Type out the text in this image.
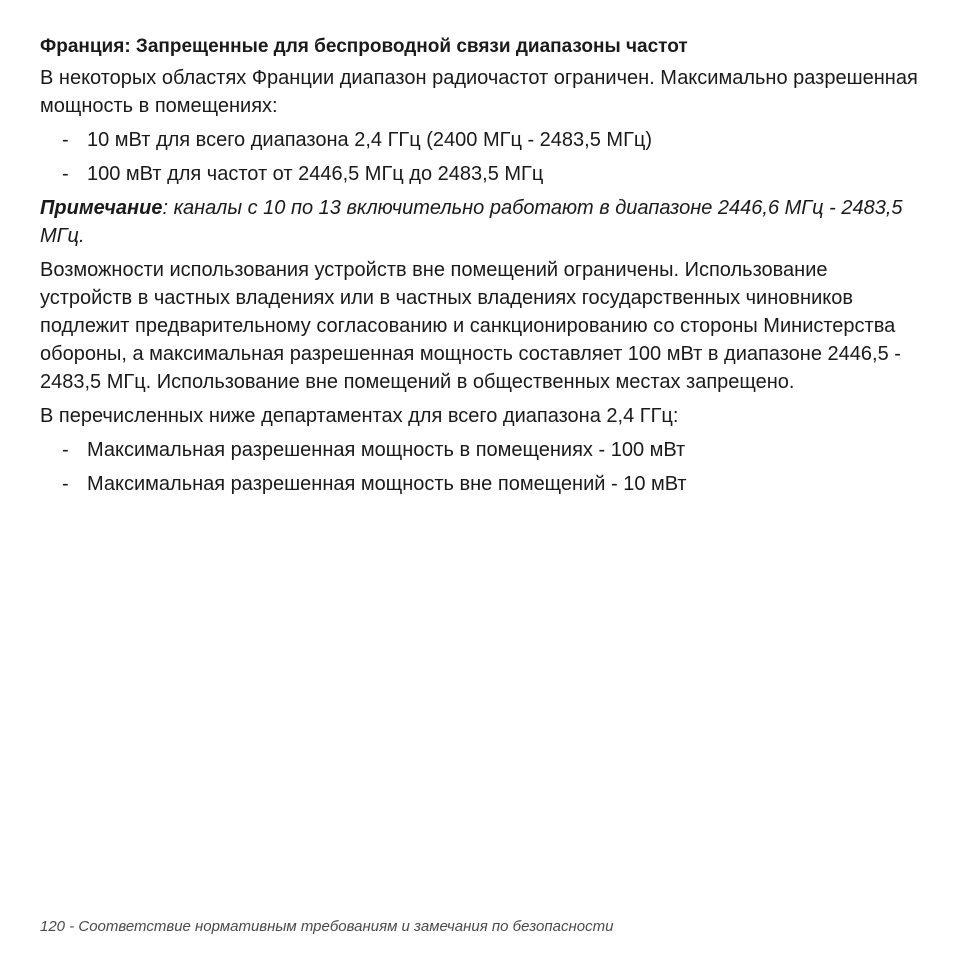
Франция: Запрещенные для беспроводной связи диапазоны частот

В некоторых областях Франции диапазон радиочастот ограничен. Максимально разрешенная мощность в помещениях:

- 10 мВт для всего диапазона 2,4 ГГц (2400 МГц - 2483,5 МГц)
- 100 мВт для частот от 2446,5 МГц до 2483,5 МГц

Примечание: каналы с 10 по 13 включительно работают в диапазоне 2446,6 МГц - 2483,5 МГц.

Возможности использования устройств вне помещений ограничены. Использование устройств в частных владениях или в частных владениях государственных чиновников подлежит предварительному согласованию и санкционированию со стороны Министерства обороны, а максимальная разрешенная мощность составляет 100 мВт в диапазоне 2446,5 - 2483,5 МГц. Использование вне помещений в общественных местах запрещено.

В перечисленных ниже департаментах для всего диапазона 2,4 ГГц:

- Максимальная разрешенная мощность в помещениях - 100 мВт
- Максимальная разрешенная мощность вне помещений - 10 мВт
120 - Соответствие нормативным требованиям и замечания по безопасности
